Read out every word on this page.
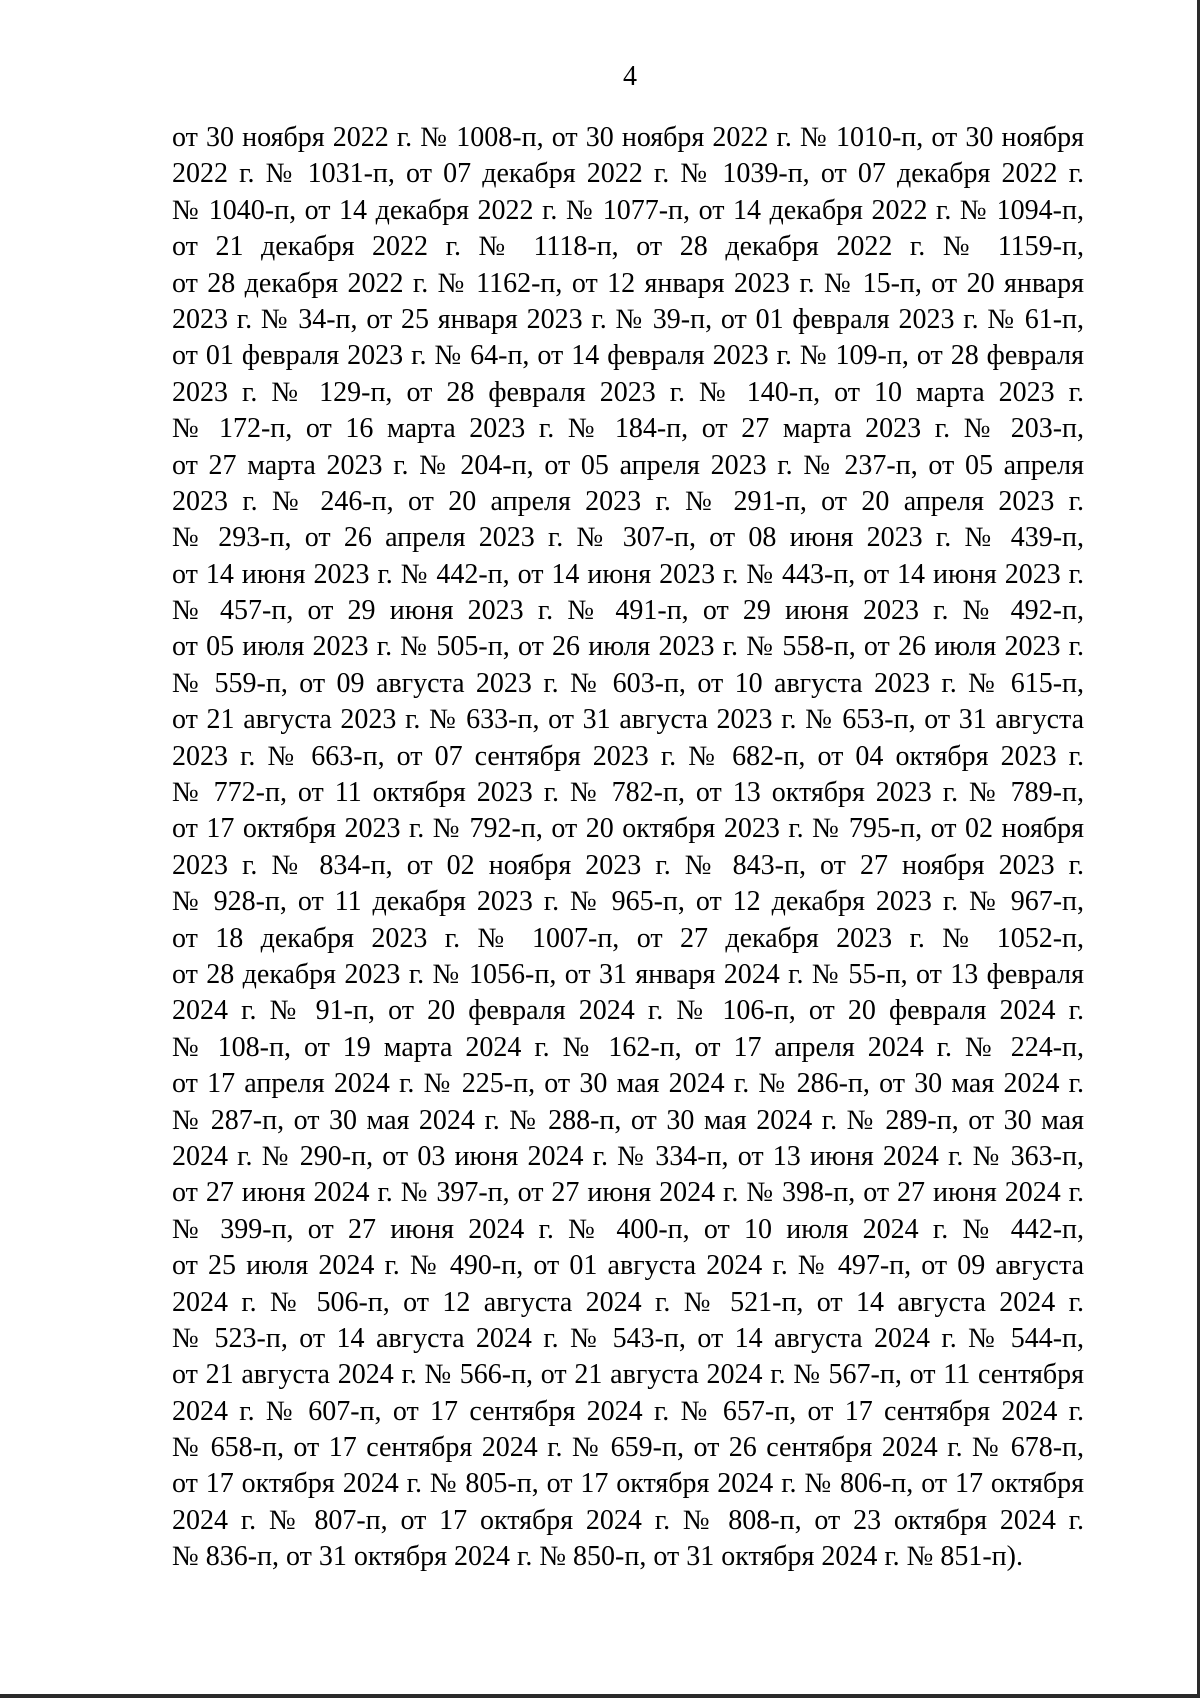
4
от 30 ноября 2022 г. № 1008-п, от 30 ноября 2022 г. № 1010-п, от 30 ноября
2022 г. № 1031-п, от 07 декабря 2022 г. № 1039-п, от 07 декабря 2022 г.
№ 1040-п, от 14 декабря 2022 г. № 1077-п, от 14 декабря 2022 г. № 1094-п,
от 21 декабря 2022 г. № 1118-п, от 28 декабря 2022 г. № 1159-п,
от 28 декабря 2022 г. № 1162-п, от 12 января 2023 г. № 15-п, от 20 января
2023 г. № 34-п, от 25 января 2023 г. № 39-п, от 01 февраля 2023 г. № 61-п,
от 01 февраля 2023 г. № 64-п, от 14 февраля 2023 г. № 109-п, от 28 февраля
2023 г. № 129-п, от 28 февраля 2023 г. № 140-п, от 10 марта 2023 г.
№ 172-п, от 16 марта 2023 г. № 184-п, от 27 марта 2023 г. № 203-п,
от 27 марта 2023 г. № 204-п, от 05 апреля 2023 г. № 237-п, от 05 апреля
2023 г. № 246-п, от 20 апреля 2023 г. № 291-п, от 20 апреля 2023 г.
№ 293-п, от 26 апреля 2023 г. № 307-п, от 08 июня 2023 г. № 439-п,
от 14 июня 2023 г. № 442-п, от 14 июня 2023 г. № 443-п, от 14 июня 2023 г.
№ 457-п, от 29 июня 2023 г. № 491-п, от 29 июня 2023 г. № 492-п,
от 05 июля 2023 г. № 505-п, от 26 июля 2023 г. № 558-п, от 26 июля 2023 г.
№ 559-п, от 09 августа 2023 г. № 603-п, от 10 августа 2023 г. № 615-п,
от 21 августа 2023 г. № 633-п, от 31 августа 2023 г. № 653-п, от 31 августа
2023 г. № 663-п, от 07 сентября 2023 г. № 682-п, от 04 октября 2023 г.
№ 772-п, от 11 октября 2023 г. № 782-п, от 13 октября 2023 г. № 789-п,
от 17 октября 2023 г. № 792-п, от 20 октября 2023 г. № 795-п, от 02 ноября
2023 г. № 834-п, от 02 ноября 2023 г. № 843-п, от 27 ноября 2023 г.
№ 928-п, от 11 декабря 2023 г. № 965-п, от 12 декабря 2023 г. № 967-п,
от 18 декабря 2023 г. № 1007-п, от 27 декабря 2023 г. № 1052-п,
от 28 декабря 2023 г. № 1056-п, от 31 января 2024 г. № 55-п, от 13 февраля
2024 г. № 91-п, от 20 февраля 2024 г. № 106-п, от 20 февраля 2024 г.
№ 108-п, от 19 марта 2024 г. № 162-п, от 17 апреля 2024 г. № 224-п,
от 17 апреля 2024 г. № 225-п, от 30 мая 2024 г. № 286-п, от 30 мая 2024 г.
№ 287-п, от 30 мая 2024 г. № 288-п, от 30 мая 2024 г. № 289-п, от 30 мая
2024 г. № 290-п, от 03 июня 2024 г. № 334-п, от 13 июня 2024 г. № 363-п,
от 27 июня 2024 г. № 397-п, от 27 июня 2024 г. № 398-п, от 27 июня 2024 г.
№ 399-п, от 27 июня 2024 г. № 400-п, от 10 июля 2024 г. № 442-п,
от 25 июля 2024 г. № 490-п, от 01 августа 2024 г. № 497-п, от 09 августа
2024 г. № 506-п, от 12 августа 2024 г. № 521-п, от 14 августа 2024 г.
№ 523-п, от 14 августа 2024 г. № 543-п, от 14 августа 2024 г. № 544-п,
от 21 августа 2024 г. № 566-п, от 21 августа 2024 г. № 567-п, от 11 сентября
2024 г. № 607-п, от 17 сентября 2024 г. № 657-п, от 17 сентября 2024 г.
№ 658-п, от 17 сентября 2024 г. № 659-п, от 26 сентября 2024 г. № 678-п,
от 17 октября 2024 г. № 805-п, от 17 октября 2024 г. № 806-п, от 17 октября
2024 г. № 807-п, от 17 октября 2024 г. № 808-п, от 23 октября 2024 г.
№ 836-п, от 31 октября 2024 г. № 850-п, от 31 октября 2024 г. № 851-п).
